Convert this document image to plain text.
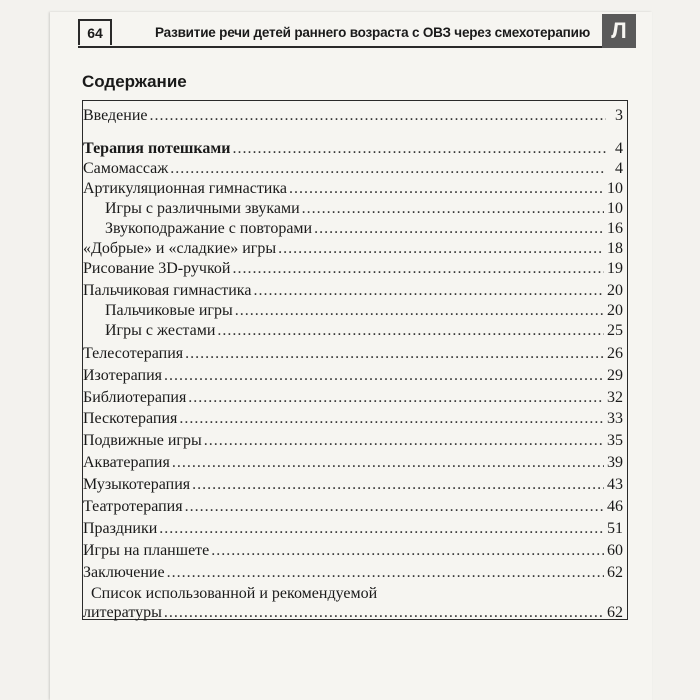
64	Развитие речи детей раннего возраста с ОВЗ через смехотерапию Л
Содержание
Введение .....	3
Терапия потешками .....	4
Самомассаж .....	4
Артикуляционная гимнастика .....	10
Игры с различными звуками .....	10
Звукоподражание с повторами .....	16
«Добрые» и «сладкие» игры .....	18
Рисование 3D-ручкой .....	19
Пальчиковая гимнастика .....	20
Пальчиковые игры .....	20
Игры с жестами .....	25
Телесотерапия .....	26
Изотерапия .....	29
Библиотерапия .....	32
Пескотерапия .....	33
Подвижные игры .....	35
Акватерапия .....	39
Музыкотерапия .....	43
Театротерапия .....	46
Праздники .....	51
Игры на планшете .....	60
Заключение .....	62
Список использованной и рекомендуемой
литературы .....	62
